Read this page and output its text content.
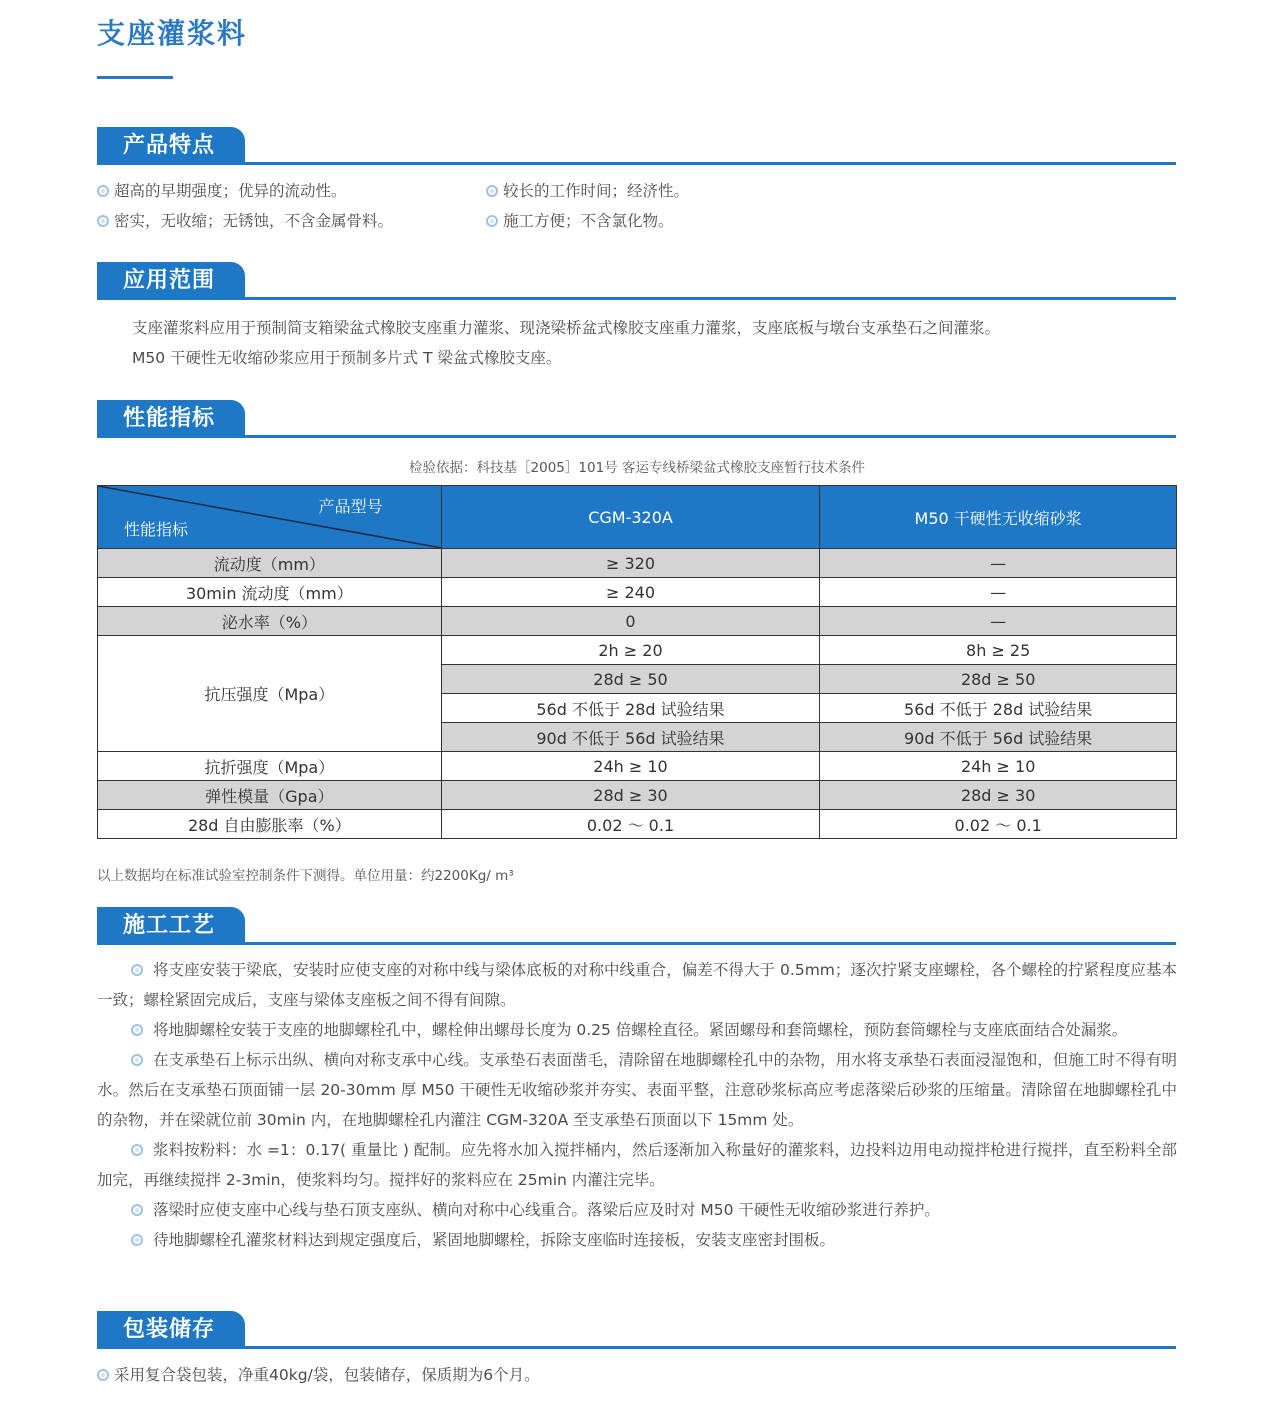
支座灌浆料
产品特点
超高的早期强度；优异的流动性。	较长的工作时间；经济性。
密实，无收缩；无锈蚀，不含金属骨料。	施工方便；不含氯化物。
应用范围
支座灌浆料应用于预制简支箱梁盆式橡胶支座重力灌浆、现浇梁桥盆式橡胶支座重力灌浆，支座底板与墩台支承垫石之间灌浆。
M50 干硬性无收缩砂浆应用于预制多片式 T 梁盆式橡胶支座。
性能指标
检验依据：科技基［2005］101号 客运专线桥梁盆式橡胶支座暂行技术条件
产品型号
性能指标	CGM-320A	M50 干硬性无收缩砂浆
流动度（mm）	≥ 320	—
30min 流动度（mm）	≥ 240	—
泌水率（%）	0	—
抗压强度（Mpa）	2h ≥ 20	8h ≥ 25
	28d ≥ 50	28d ≥ 50
	56d 不低于 28d 试验结果	56d 不低于 28d 试验结果
	90d 不低于 56d 试验结果	90d 不低于 56d 试验结果
抗折强度（Mpa）	24h ≥ 10	24h ≥ 10
弹性模量（Gpa）	28d ≥ 30	28d ≥ 30
28d 自由膨胀率（%）	0.02 ～ 0.1	0.02 ～ 0.1
以上数据均在标准试验室控制条件下测得。单位用量：约2200Kg/ m³
施工工艺

将支座安装于梁底，安装时应使支座的对称中线与梁体底板的对称中线重合，偏差不得大于 0.5mm；逐次拧紧支座螺栓，各个螺栓的拧紧程度应基本一致；螺栓紧固完成后，支座与梁体支座板之间不得有间隙。

将地脚螺栓安装于支座的地脚螺栓孔中，螺栓伸出螺母长度为 0.25 倍螺栓直径。紧固螺母和套筒螺栓，预防套筒螺栓与支座底面结合处漏浆。

在支承垫石上标示出纵、横向对称支承中心线。支承垫石表面凿毛，清除留在地脚螺栓孔中的杂物，用水将支承垫石表面浸湿饱和，但施工时不得有明水。然后在支承垫石顶面铺一层 20-30mm 厚 M50 干硬性无收缩砂浆并夯实、表面平整，注意砂浆标高应考虑落梁后砂浆的压缩量。清除留在地脚螺栓孔中的杂物，并在梁就位前 30min 内，在地脚螺栓孔内灌注 CGM-320A 至支承垫石顶面以下 15mm 处。

浆料按粉料：水 =1：0.17( 重量比 ) 配制。应先将水加入搅拌桶内，然后逐渐加入称量好的灌浆料，边投料边用电动搅拌枪进行搅拌，直至粉料全部加完，再继续搅拌 2-3min，使浆料均匀。搅拌好的浆料应在 25min 内灌注完毕。

落梁时应使支座中心线与垫石顶支座纵、横向对称中心线重合。落梁后应及时对 M50 干硬性无收缩砂浆进行养护。

待地脚螺栓孔灌浆材料达到规定强度后，紧固地脚螺栓，拆除支座临时连接板，安装支座密封围板。

包装储存
采用复合袋包装，净重40kg/袋，包装储存，保质期为6个月。
